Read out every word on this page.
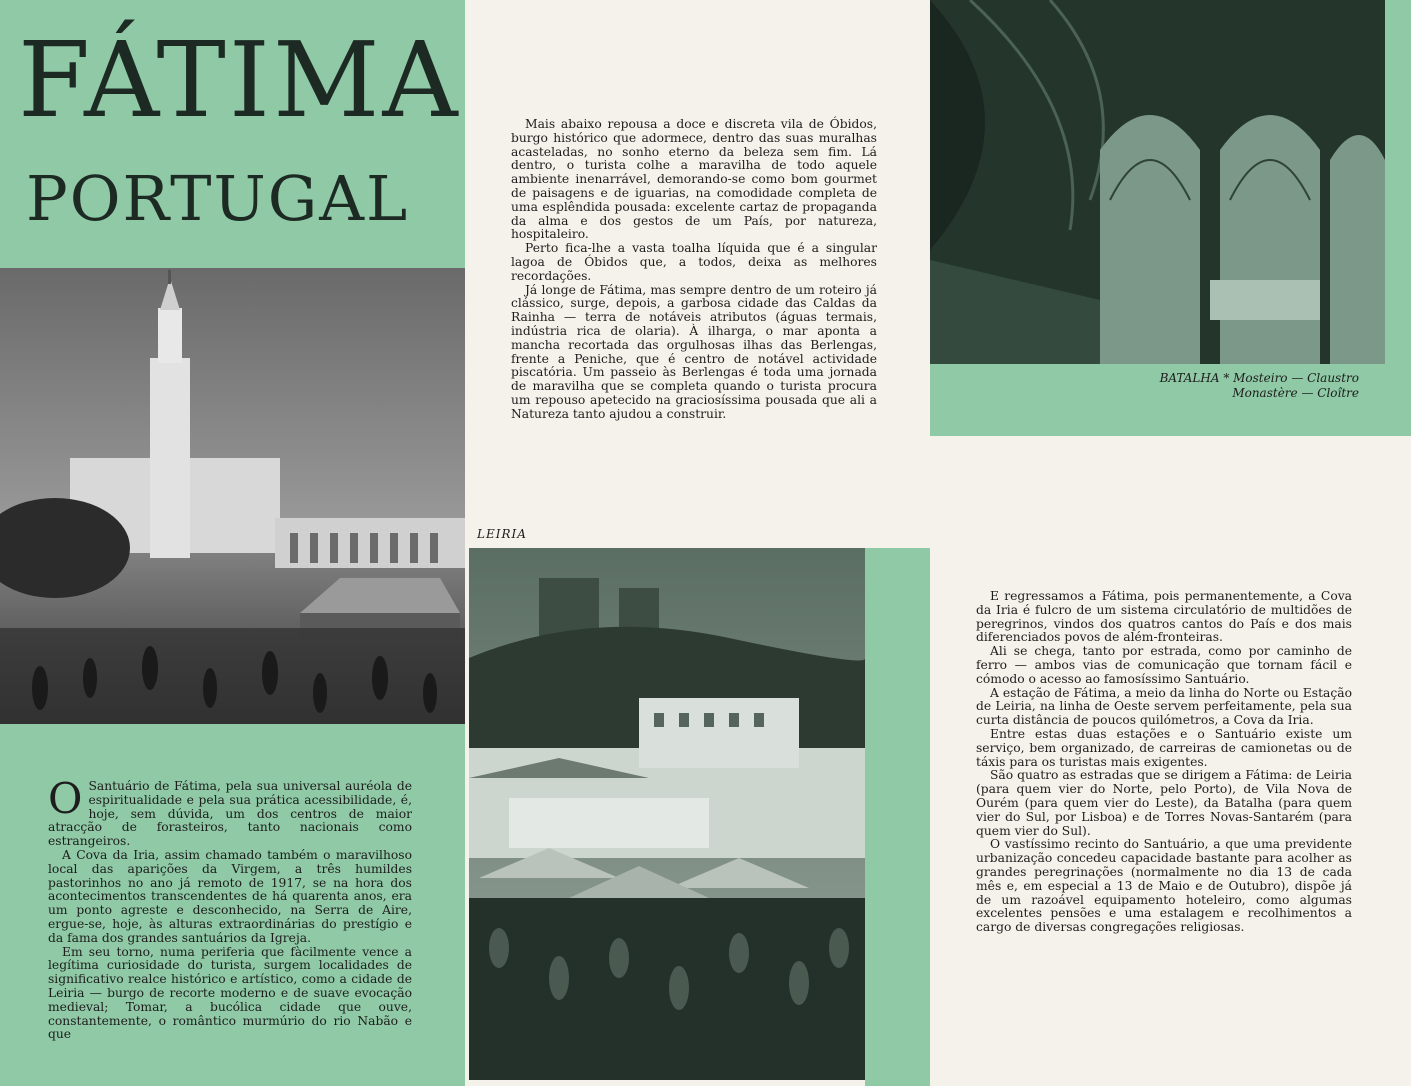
FÁTIMA
PORTUGAL

O Santuário de Fátima, pela sua universal auréola de espiritualidade e pela sua prática acessibilidade, é, hoje, sem dúvida, um dos centros de maior atracção de forasteiros, tanto nacionais como estrangeiros.

A Cova da Iria, assim chamado também o maravilhoso local das aparições da Virgem, a três humildes pastorinhos no ano já remoto de 1917, se na hora dos acontecimentos transcendentes de há quarenta anos, era um ponto agreste e desconhecido, na Serra de Aire, ergue-se, hoje, às alturas extraordinárias do prestígio e da fama dos grandes santuários da Igreja.

Em seu torno, numa periferia que fàcilmente vence a legítima curiosidade do turista, surgem localidades de significativo realce histórico e artístico, como a cidade de Leiria — burgo de recorte moderno e de suave evocação medieval; Tomar, a bucólica cidade que ouve, constantemente, o romântico murmúrio do rio Nabão e que

Mais abaixo repousa a doce e discreta vila de Óbidos, burgo histórico que adormece, dentro das suas muralhas acasteladas, no sonho eterno da beleza sem fim. Lá dentro, o turista colhe a maravilha de todo aquele ambiente inenarrável, demorando-se como bom gourmet de paisagens e de iguarias, na comodidade completa de uma esplêndida pousada: excelente cartaz de propaganda da alma e dos gestos de um País, por natureza, hospitaleiro.

Perto fica-lhe a vasta toalha líquida que é a singular lagoa de Óbidos que, a todos, deixa as melhores recordações.

Já longe de Fátima, mas sempre dentro de um roteiro já clássico, surge, depois, a garbosa cidade das Caldas da Rainha — terra de notáveis atributos (águas termais, indústria rica de olaria). À ilharga, o mar aponta a mancha recortada das orgulhosas ilhas das Berlengas, frente a Peniche, que é centro de notável actividade piscatória. Um passeio às Berlengas é toda uma jornada de maravilha que se completa quando o turista procura um repouso apetecido na graciosíssima pousada que ali a Natureza tanto ajudou a construir.

LEIRIA
BATALHA * Mosteiro — Claustro
Monastère — Cloître

E regressamos a Fátima, pois permanentemente, a Cova da Iria é fulcro de um sistema circulatório de multidões de peregrinos, vindos dos quatros cantos do País e dos mais diferenciados povos de além-fronteiras.

Ali se chega, tanto por estrada, como por caminho de ferro — ambos vias de comunicação que tornam fácil e cómodo o acesso ao famosíssimo Santuário.

A estação de Fátima, a meio da linha do Norte ou Estação de Leiria, na linha de Oeste servem perfeitamente, pela sua curta distância de poucos quilómetros, a Cova da Iria.

Entre estas duas estações e o Santuário existe um serviço, bem organizado, de carreiras de camionetas ou de táxis para os turistas mais exigentes.

São quatro as estradas que se dirigem a Fátima: de Leiria (para quem vier do Norte, pelo Porto), de Vila Nova de Ourém (para quem vier do Leste), da Batalha (para quem vier do Sul, por Lisboa) e de Torres Novas-Santarém (para quem vier do Sul).

O vastíssimo recinto do Santuário, a que uma previdente urbanização concedeu capacidade bastante para acolher as grandes peregrinações (normalmente no dia 13 de cada mês e, em especial a 13 de Maio e de Outubro), dispõe já de um razoável equipamento hoteleiro, como algumas excelentes pensões e uma estalagem e recolhimentos a cargo de diversas congregações religiosas.
